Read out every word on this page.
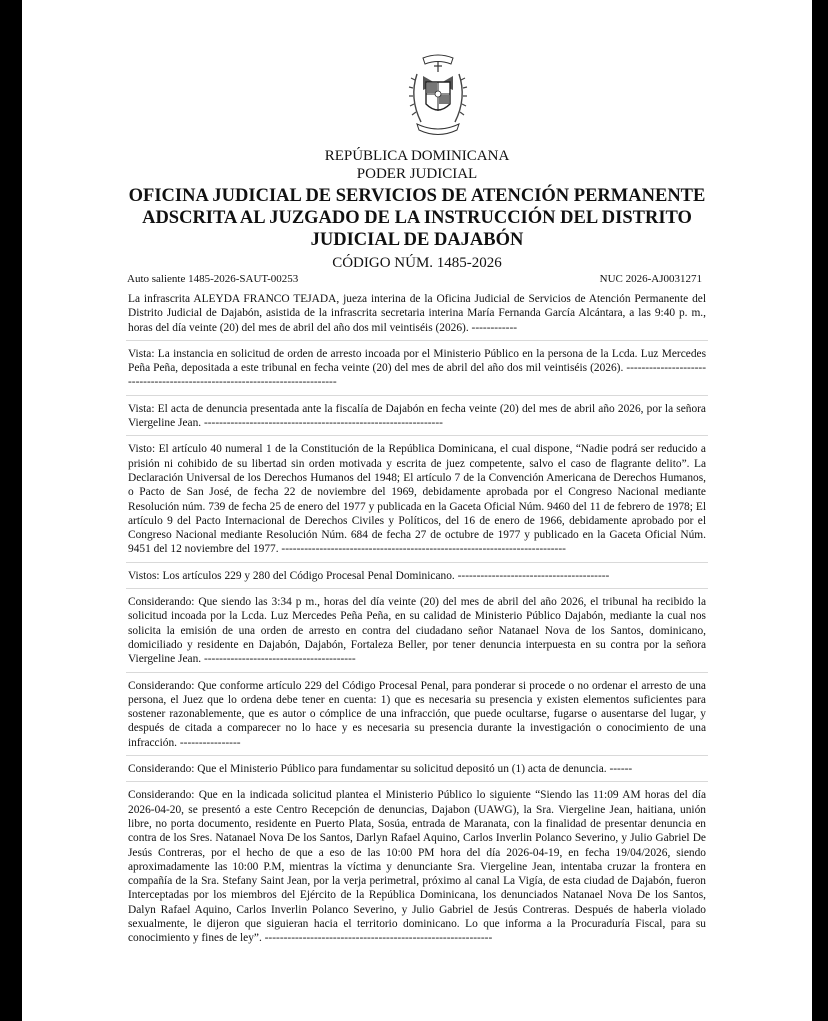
REPÚBLICA DOMINICANA
PODER JUDICIAL
OFICINA JUDICIAL DE SERVICIOS DE ATENCIÓN PERMANENTE ADSCRITA AL JUZGADO DE LA INSTRUCCIÓN DEL DISTRITO JUDICIAL DE DAJABÓN
CÓDIGO NÚM. 1485-2026
Auto saliente 1485-2026-SAUT-00253	NUC 2026-AJ0031271

La infrascrita ALEYDA FRANCO TEJADA, jueza interina de la Oficina Judicial de Servicios de Atención Permanente del Distrito Judicial de Dajabón, asistida de la infrascrita secretaria interina María Fernanda García Alcántara, a las 9:40 p. m., horas del día veinte (20) del mes de abril del año dos mil veintiséis (2026). ------------

Vista: La instancia en solicitud de orden de arresto incoada por el Ministerio Público en la persona de la Lcda. Luz Mercedes Peña Peña, depositada a este tribunal en fecha veinte (20) del mes de abril del año dos mil veintiséis (2026). ----------------------------------------------------------------------------

Vista: El acta de denuncia presentada ante la fiscalía de Dajabón en fecha veinte (20) del mes de abril año 2026, por la señora Viergeline Jean. ---------------------------------------------------------------

Visto: El artículo 40 numeral 1 de la Constitución de la República Dominicana, el cual dispone, “Nadie podrá ser reducido a prisión ni cohibido de su libertad sin orden motivada y escrita de juez competente, salvo el caso de flagrante delito”. La Declaración Universal de los Derechos Humanos del 1948; El artículo 7 de la Convención Americana de Derechos Humanos, o Pacto de San José, de fecha 22 de noviembre del 1969, debidamente aprobada por el Congreso Nacional mediante Resolución núm. 739 de fecha 25 de enero del 1977 y publicada en la Gaceta Oficial Núm. 9460 del 11 de febrero de 1978; El artículo 9 del Pacto Internacional de Derechos Civiles y Políticos, del 16 de enero de 1966, debidamente aprobado por el Congreso Nacional mediante Resolución Núm. 684 de fecha 27 de octubre de 1977 y publicado en la Gaceta Oficial Núm. 9451 del 12 noviembre del 1977. ---------------------------------------------------------------------------

Vistos: Los artículos 229 y 280 del Código Procesal Penal Dominicano. ----------------------------------------

Considerando: Que siendo las 3:34 p m., horas del día veinte (20) del mes de abril del año 2026, el tribunal ha recibido la solicitud incoada por la Lcda. Luz Mercedes Peña Peña, en su calidad de Ministerio Público Dajabón, mediante la cual nos solicita la emisión de una orden de arresto en contra del ciudadano señor Natanael Nova de los Santos, dominicano, domiciliado y residente en Dajabón, Dajabón, Fortaleza Beller, por tener denuncia interpuesta en su contra por la señora Viergeline Jean. ----------------------------------------

Considerando: Que conforme artículo 229 del Código Procesal Penal, para ponderar si procede o no ordenar el arresto de una persona, el Juez que lo ordena debe tener en cuenta: 1) que es necesaria su presencia y existen elementos suficientes para sostener razonablemente, que es autor o cómplice de una infracción, que puede ocultarse, fugarse o ausentarse del lugar, y después de citada a comparecer no lo hace y es necesaria su presencia durante la investigación o conocimiento de una infracción. ----------------

Considerando: Que el Ministerio Público para fundamentar su solicitud depositó un (1) acta de denuncia. ------

Considerando: Que en la indicada solicitud plantea el Ministerio Público lo siguiente “Siendo las 11:09 AM horas del día 2026-04-20, se presentó a este Centro Recepción de denuncias, Dajabon (UAWG), la Sra. Viergeline Jean, haitiana, unión libre, no porta documento, residente en Puerto Plata, Sosúa, entrada de Maranata, con la finalidad de presentar denuncia en contra de los Sres. Natanael Nova De los Santos, Darlyn Rafael Aquino, Carlos Inverlin Polanco Severino, y Julio Gabriel De Jesús Contreras, por el hecho de que a eso de las 10:00 PM hora del día 2026-04-19, en fecha 19/04/2026, siendo aproximadamente las 10:00 P.M, mientras la víctima y denunciante Sra. Viergeline Jean, intentaba cruzar la frontera en compañía de la Sra. Stefany Saint Jean, por la verja perimetral, próximo al canal La Vigía, de esta ciudad de Dajabón, fueron Interceptadas por los miembros del Ejército de la República Dominicana, los denunciados Natanael Nova De los Santos, Dalyn Rafael Aquino, Carlos Inverlin Polanco Severino, y Julio Gabriel de Jesús Contreras. Después de haberla violado sexualmente, le dijeron que siguieran hacia el territorio dominicano. Lo que informa a la Procuraduría Fiscal, para su conocimiento y fines de ley”. ------------------------------------------------------------
